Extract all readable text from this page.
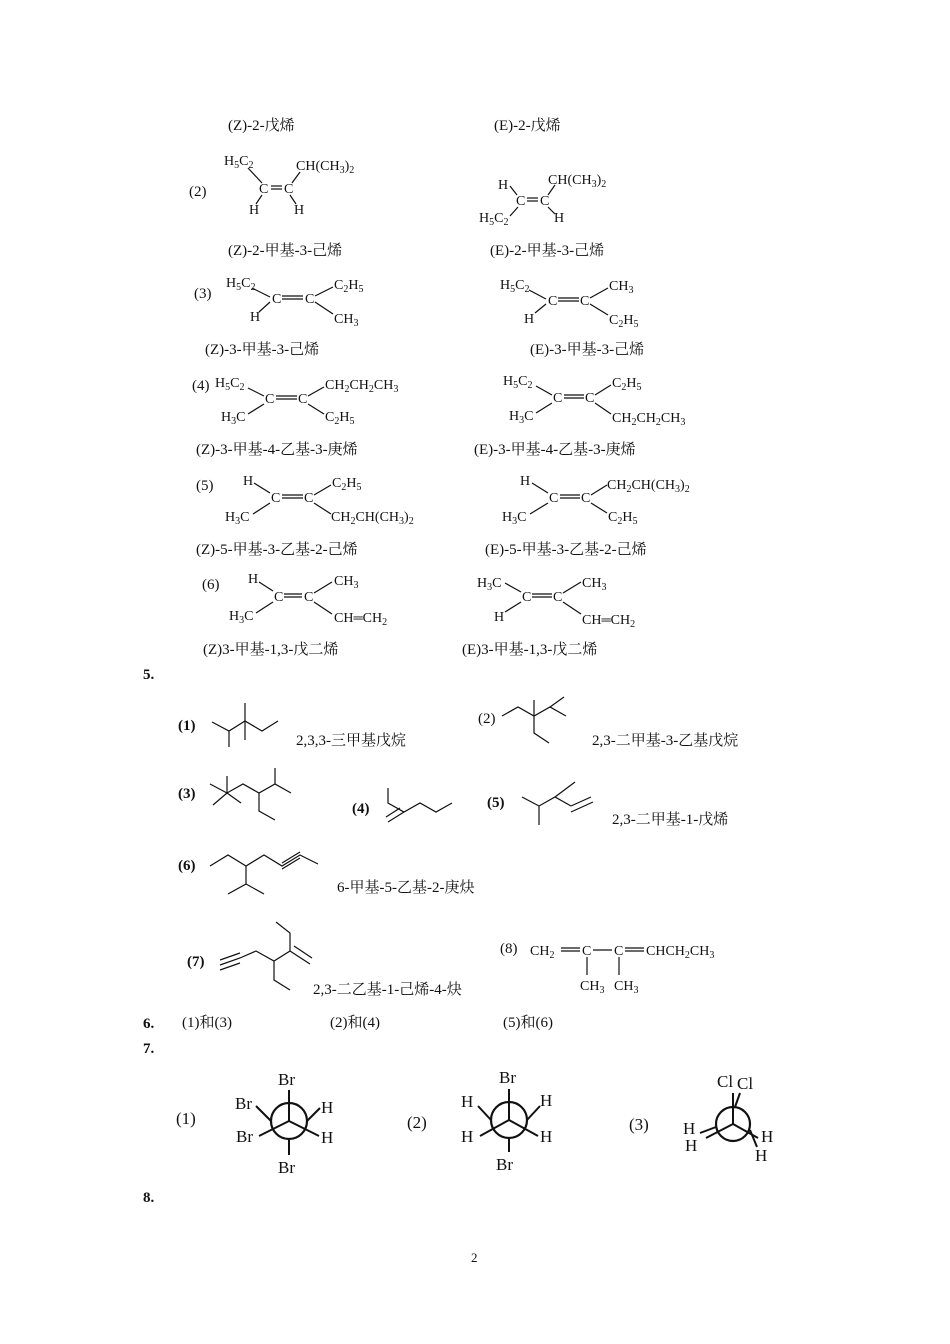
(Z)-2-戊烯	(E)-2-戊烯
(2)
$H_5C_2$
C C
$CH(CH_3)_2$
H H
H
C C
$CH(CH_3)_2$
$H_5C_2$	H
$H_5C_2$
C C
$C_2H_5$
H	$CH_3$
$H_5C_2$
C C
$CH_3$
H	$C_2H_5$
$H_5C_2$
C C
$CH_2CH_2CH_3$
$H_3C$	$C_2H_5$
$H_5C_2$
C C
$C_2H_5$
$H_3C$	$CH_2CH_2CH_3$
H
C C
$C_2H_5$
$H_3C$	$CH_2CH(CH_3)_2$
H
C C
$CH_2CH(CH_3)_2$
$H_3C$	$C_2H_5$
H
C C
$CH_3$
$H_3C$	$CH═CH_2$
$H_3C$
C C
$CH_3$
H	$CH═CH_2$
(Z)-2-甲基-3-己烯	(E)-2-甲基-3-己烯
(3)
(Z)-3-甲基-3-己烯	(E)-3-甲基-3-己烯
(4)
(Z)-3-甲基-4-乙基-3-庚烯	(E)-3-甲基-4-乙基-3-庚烯
(5)
(Z)-5-甲基-3-乙基-2-己烯	(E)-5-甲基-3-乙基-2-己烯
(6)
(Z)3-甲基-1,3-戊二烯	(E)3-甲基-1,3-戊二烯
5.
(1)
2,3,3-三甲基戊烷
(2)
2,3-二甲基-3-乙基戊烷
(3)
(4)	(5)
2,3-二甲基-1-戊烯
(6)
6-甲基-5-乙基-2-庚炔
(7)
2,3-二乙基-1-己烯-4-炔
(8) $CH_2$ C C $CHCH_2CH_3$
$CH_3$ $CH_3$
6. (1)和(3)	(2)和(4)	(5)和(6)
7.
(1)	(2)	(3)
Br
Br
Br
H
H
Br
Br
H	H
H	H
Br
Cl Cl
H
H	H
H
8.
2
